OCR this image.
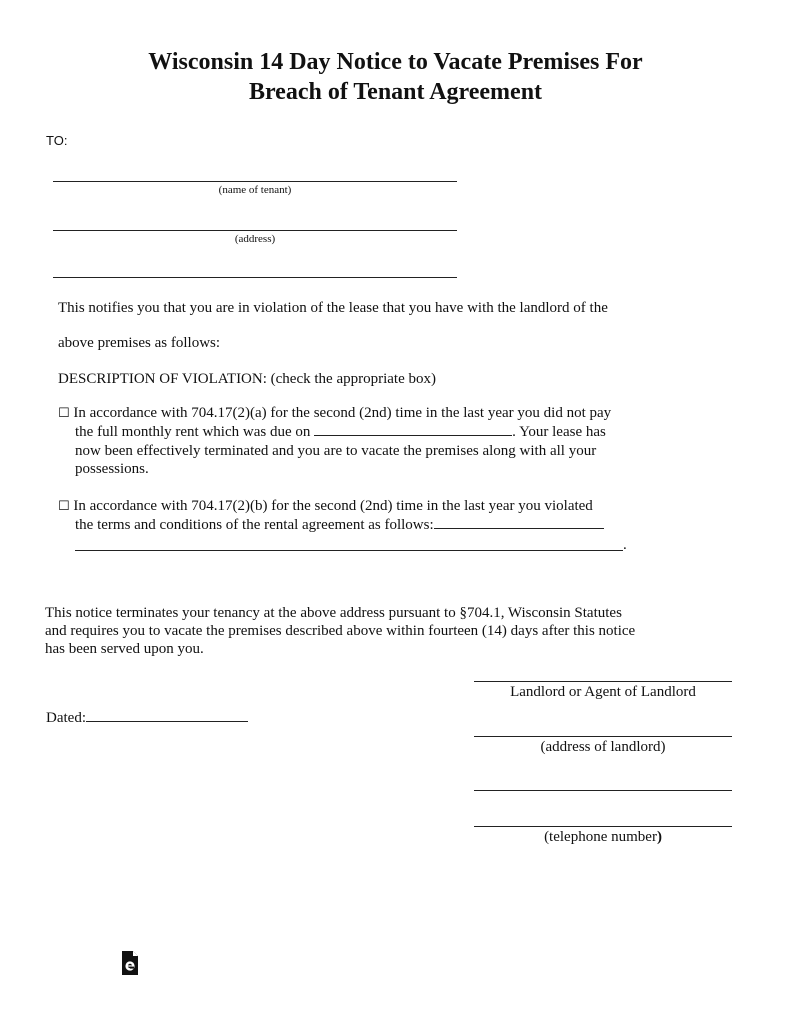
Wisconsin 14 Day Notice to Vacate Premises For
Breach of Tenant Agreement
TO:
(name of tenant)
(address)
This notifies you that you are in violation of the lease that you have with the landlord of the
above premises as follows:
DESCRIPTION OF VIOLATION: (check the appropriate box)
☐ In accordance with 704.17(2)(a) for the second (2nd) time in the last year you did not pay
the full monthly rent which was due on	. Your lease has
now been effectively terminated and you are to vacate the premises along with all your
possessions.
☐ In accordance with 704.17(2)(b) for the second (2nd) time in the last year you violated
the terms and conditions of the rental agreement as follows:
.
This notice terminates your tenancy at the above address pursuant to §704.1, Wisconsin Statutes
and requires you to vacate the premises described above within fourteen (14) days after this notice
has been served upon you.
Landlord or Agent of Landlord
Dated:
(address of landlord)
(telephone number)
